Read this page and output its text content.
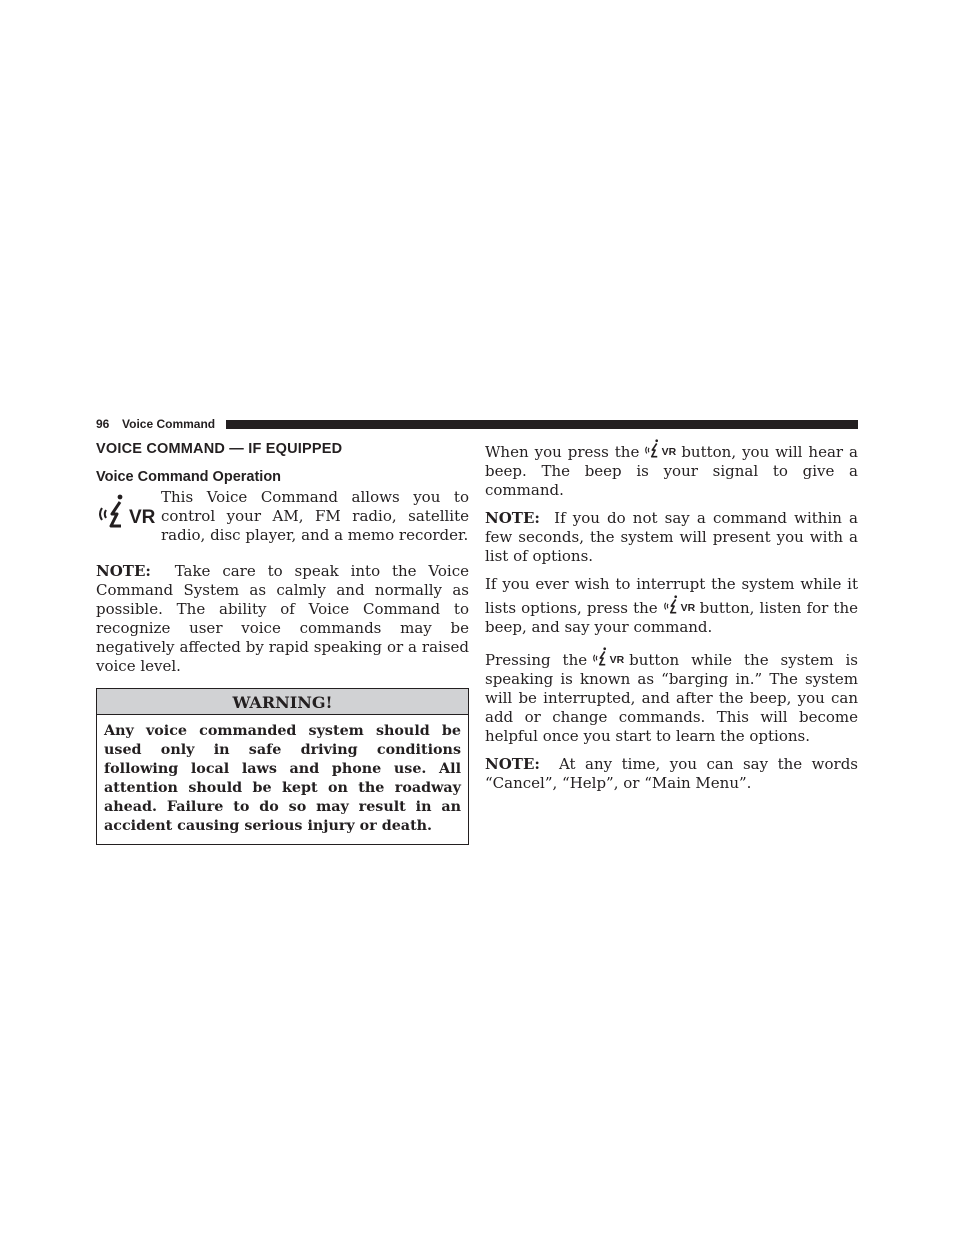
96 Voice Command
VOICE COMMAND — IF EQUIPPED
Voice Command Operation

This Voice Command allows you to control your AM, FM radio, satellite radio, disc player, and a memo recorder.

NOTE: Take care to speak into the Voice Command System as calmly and normally as possible. The ability of Voice Command to recognize user voice commands may be negatively affected by rapid speaking or a raised voice level.

WARNING!
Any voice commanded system should be used only in safe driving conditions following local laws and phone use. All attention should be kept on the roadway ahead. Failure to do so may result in an accident causing serious injury or death.

When you press the	button, you will hear a beep. The beep is your signal to give a command.

NOTE: If you do not say a command within a few seconds, the system will present you with a list of options.

If you ever wish to interrupt the system while it lists options, press the	button, listen for the beep, and say your command.

Pressing the	button while the system is speaking is known as “barging in.” The system will be interrupted, and after the beep, you can add or change commands. This will become helpful once you start to learn the options.

NOTE: At any time, you can say the words “Cancel”, “Help”, or “Main Menu”.
